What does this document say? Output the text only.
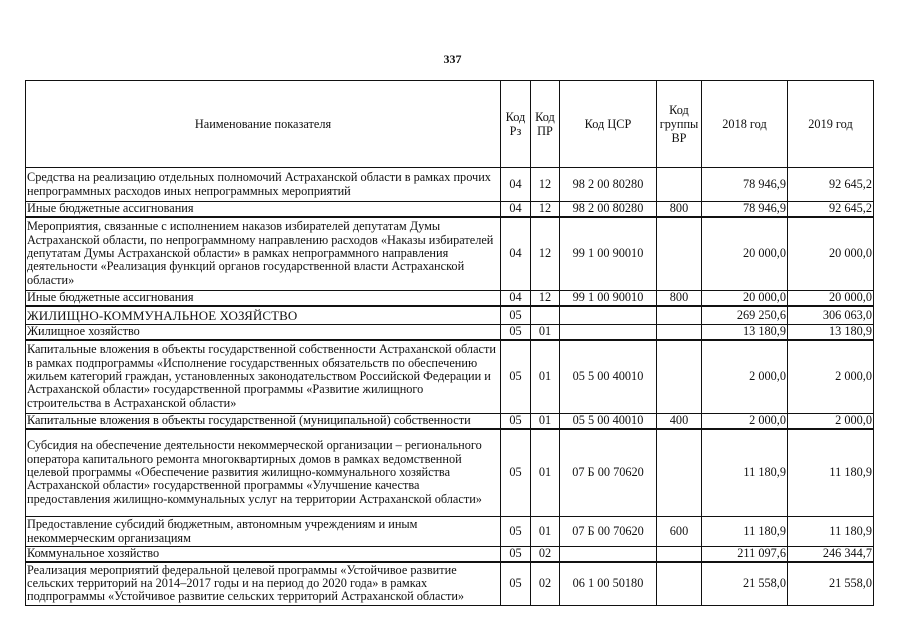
337
Наименование показателя	Код Рз	Код ПР	Код ЦСР	Код группы ВР	2018 год	2019 год
Средства на реализацию отдельных полномочий Астраханской области в рамках прочих непрограммных расходов иных непрограммных мероприятий	04	12	98 2 00 80280		78 946,9	92 645,2
Иные бюджетные ассигнования	04	12	98 2 00 80280	800	78 946,9	92 645,2
Мероприятия, связанные с исполнением наказов избирателей депутатам Думы Астраханской области, по непрограммному направлению расходов «Наказы избирателей депутатам Думы Астраханской области» в рамках непрограммного направления деятельности «Реализация функций органов государственной власти Астраханской области»	04	12	99 1 00 90010		20 000,0	20 000,0
Иные бюджетные ассигнования	04	12	99 1 00 90010	800	20 000,0	20 000,0
ЖИЛИЩНО-КОММУНАЛЬНОЕ ХОЗЯЙСТВО	05				269 250,6	306 063,0
Жилищное хозяйство	05	01			13 180,9	13 180,9
Капитальные вложения в объекты государственной собственности Астраханской области в рамках подпрограммы «Исполнение государственных обязательств по обеспечению жильем категорий граждан, установленных законодательством Российской Федерации и Астраханской области» государственной программы «Развитие жилищного строительства в Астраханской области»	05	01	05 5 00 40010		2 000,0	2 000,0
Капитальные вложения в объекты государственной (муниципальной) собственности	05	01	05 5 00 40010	400	2 000,0	2 000,0
Субсидия на обеспечение деятельности некоммерческой организации – регионального оператора капитального ремонта многоквартирных домов в рамках ведомственной целевой программы «Обеспечение развития жилищно-коммунального хозяйства Астраханской области» государственной программы «Улучшение качества предоставления жилищно-коммунальных услуг на территории Астраханской области»	05	01	07 Б 00 70620		11 180,9	11 180,9
Предоставление субсидий бюджетным, автономным учреждениям и иным некоммерческим организациям	05	01	07 Б 00 70620	600	11 180,9	11 180,9
Коммунальное хозяйство	05	02			211 097,6	246 344,7
Реализация мероприятий федеральной целевой программы «Устойчивое развитие сельских территорий на 2014–2017 годы и на период до 2020 года» в рамках подпрограммы «Устойчивое развитие сельских территорий Астраханской области»	05	02	06 1 00 50180		21 558,0	21 558,0
